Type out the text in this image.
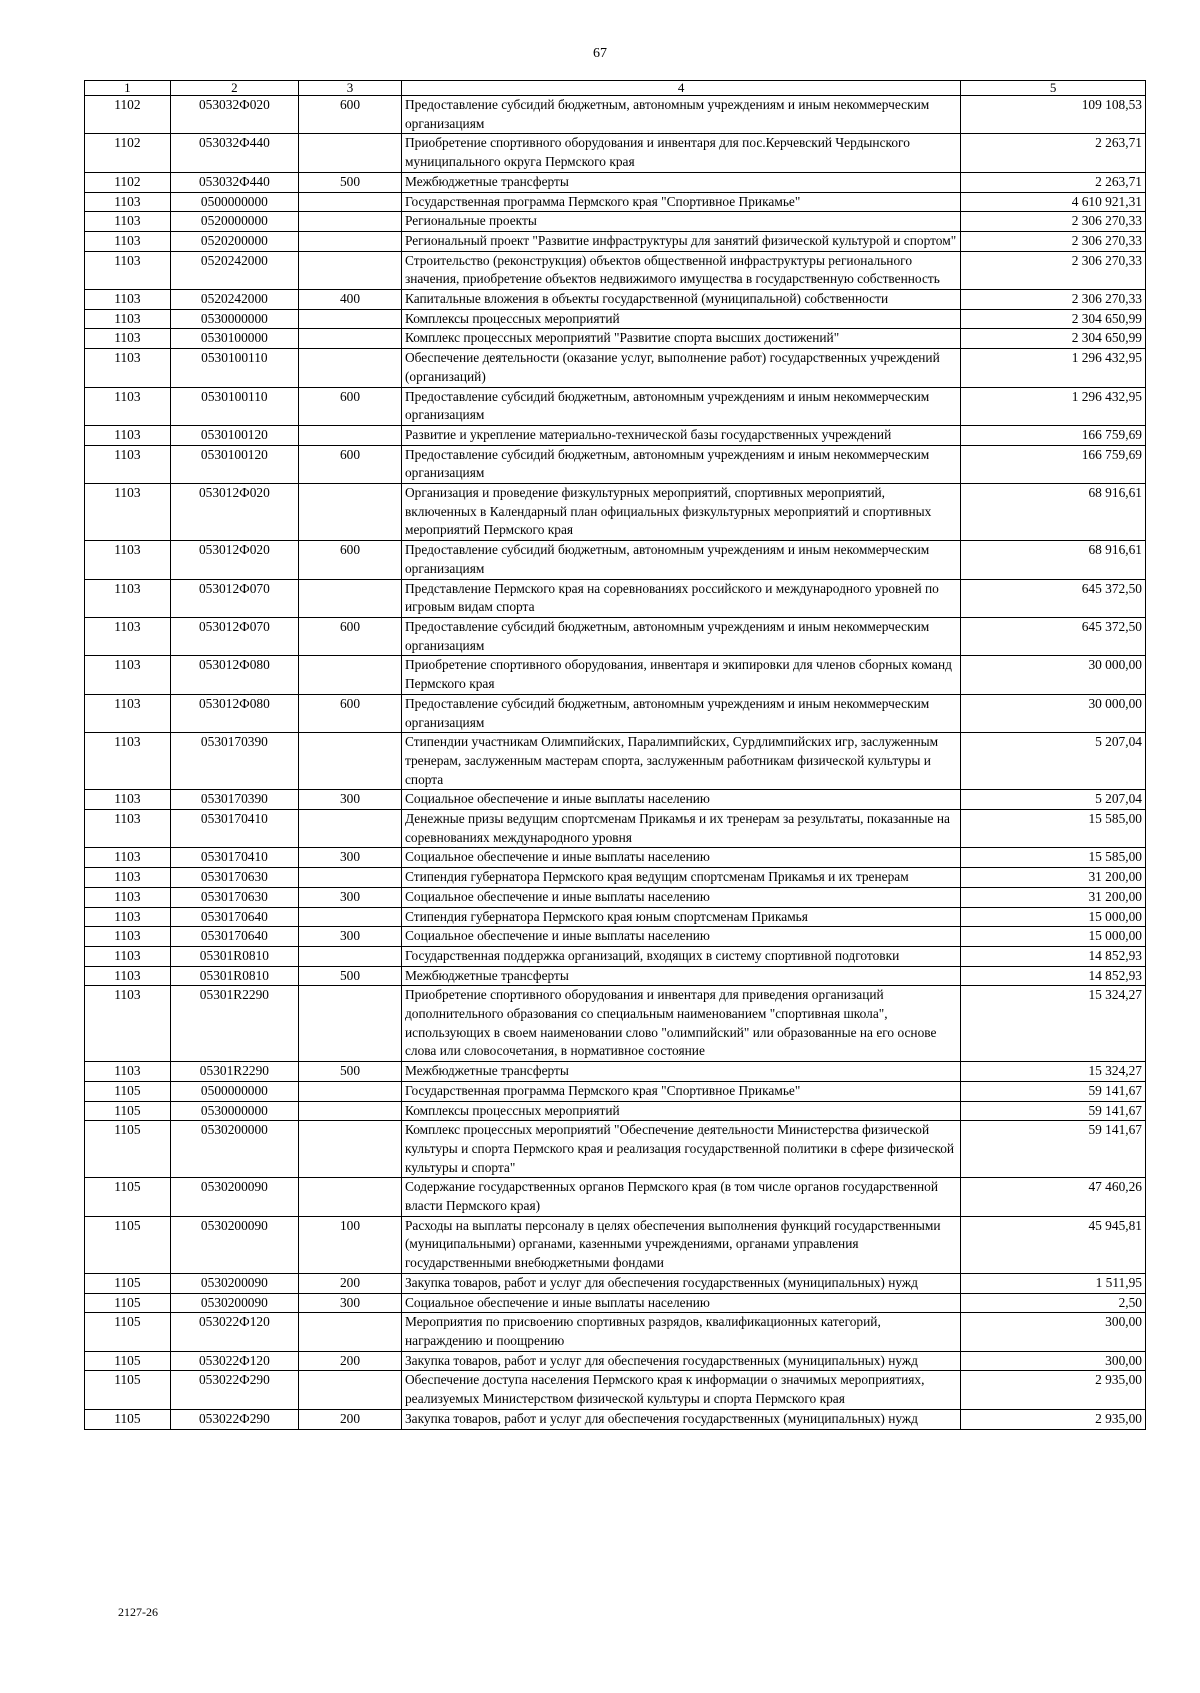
67
1	2	3	4	5
1102	053032Ф020	600	Предоставление субсидий бюджетным, автономным учреждениям и иным некоммерческим организациям	109 108,53
1102	053032Ф440		Приобретение спортивного оборудования и инвентаря для пос.Керчевский Чердынского муниципального округа Пермского края	2 263,71
1102	053032Ф440	500	Межбюджетные трансферты	2 263,71
1103	0500000000		Государственная программа Пермского края "Спортивное Прикамье"	4 610 921,31
1103	0520000000		Региональные проекты	2 306 270,33
1103	0520200000		Региональный проект "Развитие инфраструктуры для занятий физической культурой и спортом"	2 306 270,33
1103	0520242000		Строительство (реконструкция) объектов общественной инфраструктуры регионального значения, приобретение объектов недвижимого имущества в государственную собственность	2 306 270,33
1103	0520242000	400	Капитальные вложения в объекты государственной (муниципальной) собственности	2 306 270,33
1103	0530000000		Комплексы процессных мероприятий	2 304 650,99
1103	0530100000		Комплекс процессных мероприятий "Развитие спорта высших достижений"	2 304 650,99
1103	0530100110		Обеспечение деятельности (оказание услуг, выполнение работ) государственных учреждений (организаций)	1 296 432,95
1103	0530100110	600	Предоставление субсидий бюджетным, автономным учреждениям и иным некоммерческим организациям	1 296 432,95
1103	0530100120		Развитие и укрепление материально-технической базы государственных учреждений	166 759,69
1103	0530100120	600	Предоставление субсидий бюджетным, автономным учреждениям и иным некоммерческим организациям	166 759,69
1103	053012Ф020		Организация и проведение физкультурных мероприятий, спортивных мероприятий, включенных в Календарный план официальных физкультурных мероприятий и спортивных мероприятий Пермского края	68 916,61
1103	053012Ф020	600	Предоставление субсидий бюджетным, автономным учреждениям и иным некоммерческим организациям	68 916,61
1103	053012Ф070		Представление Пермского края на соревнованиях российского и международного уровней по игровым видам спорта	645 372,50
1103	053012Ф070	600	Предоставление субсидий бюджетным, автономным учреждениям и иным некоммерческим организациям	645 372,50
1103	053012Ф080		Приобретение спортивного оборудования, инвентаря и экипировки для членов сборных команд Пермского края	30 000,00
1103	053012Ф080	600	Предоставление субсидий бюджетным, автономным учреждениям и иным некоммерческим организациям	30 000,00
1103	0530170390		Стипендии участникам Олимпийских, Паралимпийских, Сурдлимпийских игр, заслуженным тренерам, заслуженным мастерам спорта, заслуженным работникам физической культуры и спорта	5 207,04
1103	0530170390	300	Социальное обеспечение и иные выплаты населению	5 207,04
1103	0530170410		Денежные призы ведущим спортсменам Прикамья и их тренерам за результаты, показанные на соревнованиях международного уровня	15 585,00
1103	0530170410	300	Социальное обеспечение и иные выплаты населению	15 585,00
1103	0530170630		Стипендия губернатора Пермского края ведущим спортсменам Прикамья и их тренерам	31 200,00
1103	0530170630	300	Социальное обеспечение и иные выплаты населению	31 200,00
1103	0530170640		Стипендия губернатора Пермского края юным спортсменам Прикамья	15 000,00
1103	0530170640	300	Социальное обеспечение и иные выплаты населению	15 000,00
1103	05301R0810		Государственная поддержка организаций, входящих в систему спортивной подготовки	14 852,93
1103	05301R0810	500	Межбюджетные трансферты	14 852,93
1103	05301R2290		Приобретение спортивного оборудования и инвентаря для приведения организаций дополнительного образования со специальным наименованием "спортивная школа", использующих в своем наименовании слово "олимпийский" или образованные на его основе слова или словосочетания, в нормативное состояние	15 324,27
1103	05301R2290	500	Межбюджетные трансферты	15 324,27
1105	0500000000		Государственная программа Пермского края "Спортивное Прикамье"	59 141,67
1105	0530000000		Комплексы процессных мероприятий	59 141,67
1105	0530200000		Комплекс процессных мероприятий "Обеспечение деятельности Министерства физической культуры и спорта Пермского края и реализация государственной политики в сфере физической культуры и спорта"	59 141,67
1105	0530200090		Содержание государственных органов Пермского края (в том числе органов государственной власти Пермского края)	47 460,26
1105	0530200090	100	Расходы на выплаты персоналу в целях обеспечения выполнения функций государственными (муниципальными) органами, казенными учреждениями, органами управления государственными внебюджетными фондами	45 945,81
1105	0530200090	200	Закупка товаров, работ и услуг для обеспечения государственных (муниципальных) нужд	1 511,95
1105	0530200090	300	Социальное обеспечение и иные выплаты населению	2,50
1105	053022Ф120		Мероприятия по присвоению спортивных разрядов, квалификационных категорий, награждению и поощрению	300,00
1105	053022Ф120	200	Закупка товаров, работ и услуг для обеспечения государственных (муниципальных) нужд	300,00
1105	053022Ф290		Обеспечение доступа населения Пермского края к информации о значимых мероприятиях, реализуемых Министерством физической культуры и спорта Пермского края	2 935,00
1105	053022Ф290	200	Закупка товаров, работ и услуг для обеспечения государственных (муниципальных) нужд	2 935,00
2127-26
